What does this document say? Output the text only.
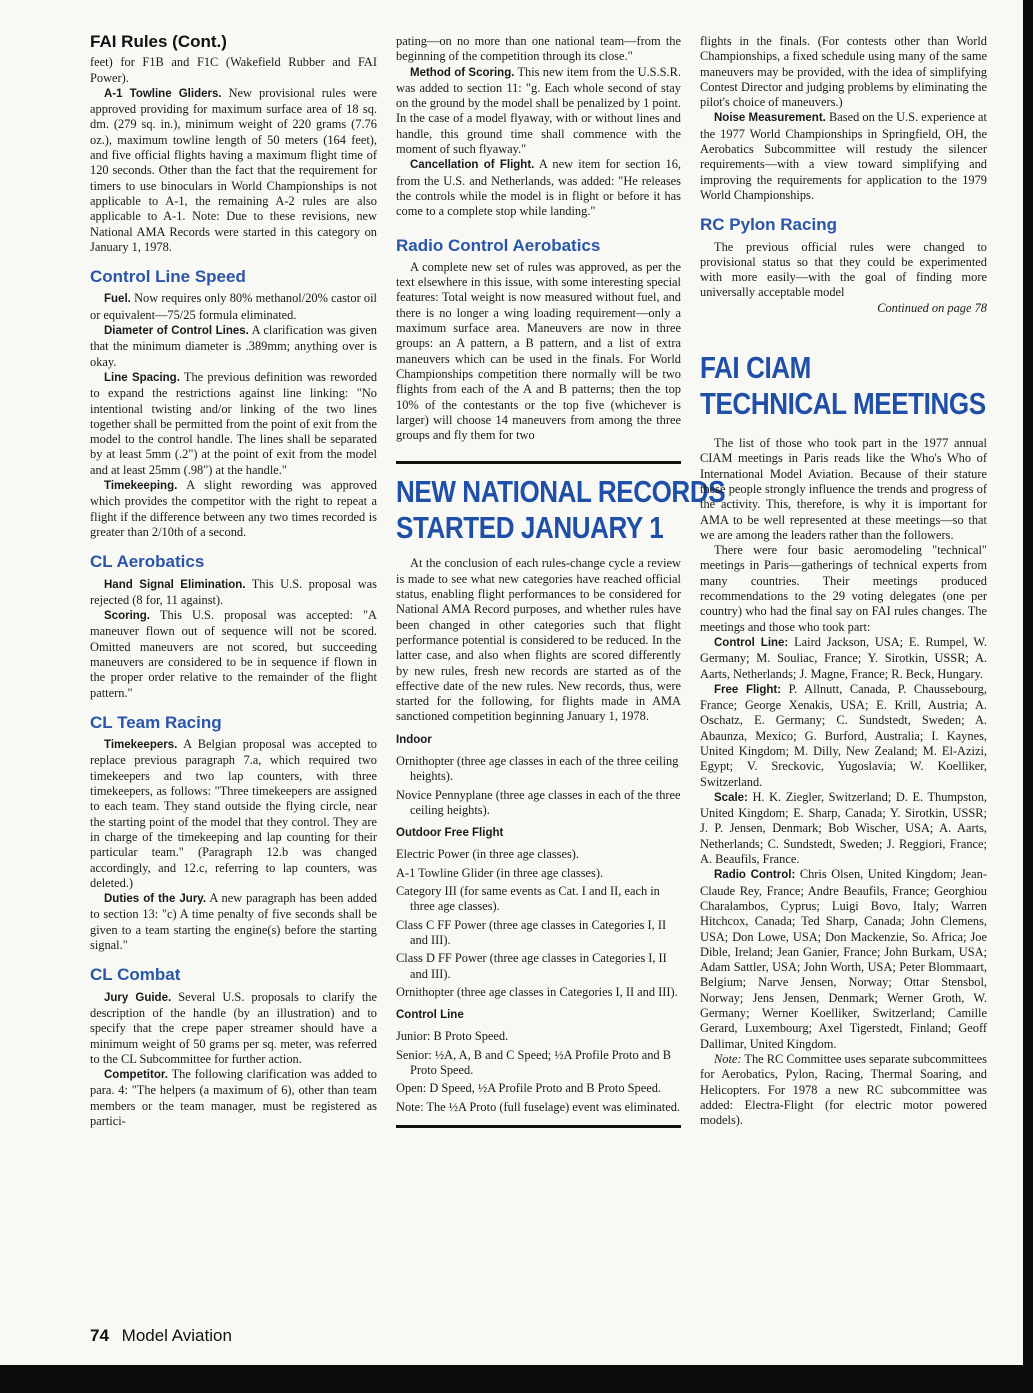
FAI Rules (Cont.)

feet) for F1B and F1C (Wakefield Rubber and FAI Power).

A-1 Towline Gliders. New provisional rules were approved providing for maximum surface area of 18 sq. dm. (279 sq. in.), minimum weight of 220 grams (7.76 oz.), maximum towline length of 50 meters (164 feet), and five official flights having a maximum flight time of 120 seconds. Other than the fact that the requirement for timers to use binoculars in World Championships is not applicable to A-1, the remaining A-2 rules are also applicable to A-1. Note: Due to these revisions, new National AMA Records were started in this category on January 1, 1978.

Control Line Speed

Fuel. Now requires only 80% methanol/20% castor oil or equivalent—75/25 formula eliminated.

Diameter of Control Lines. A clarification was given that the minimum diameter is .389mm; anything over is okay.

Line Spacing. The previous definition was reworded to expand the restrictions against line linking: "No intentional twisting and/or linking of the two lines together shall be permitted from the point of exit from the model to the control handle. The lines shall be separated by at least 5mm (.2") at the point of exit from the model and at least 25mm (.98") at the handle."

Timekeeping. A slight rewording was approved which provides the competitor with the right to repeat a flight if the difference between any two times recorded is greater than 2/10th of a second.

CL Aerobatics

Hand Signal Elimination. This U.S. proposal was rejected (8 for, 11 against).

Scoring. This U.S. proposal was accepted: "A maneuver flown out of sequence will not be scored. Omitted maneuvers are not scored, but succeeding maneuvers are considered to be in sequence if flown in the proper order relative to the remainder of the flight pattern."

CL Team Racing

Timekeepers. A Belgian proposal was accepted to replace previous paragraph 7.a, which required two timekeepers and two lap counters, with three timekeepers, as follows: "Three timekeepers are assigned to each team. They stand outside the flying circle, near the starting point of the model that they control. They are in charge of the timekeeping and lap counting for their particular team." (Paragraph 12.b was changed accordingly, and 12.c, referring to lap counters, was deleted.)

Duties of the Jury. A new paragraph has been added to section 13: "c) A time penalty of five seconds shall be given to a team starting the engine(s) before the starting signal."

CL Combat

Jury Guide. Several U.S. proposals to clarify the description of the handle (by an illustration) and to specify that the crepe paper streamer should have a minimum weight of 50 grams per sq. meter, was referred to the CL Subcommittee for further action.

Competitor. The following clarification was added to para. 4: "The helpers (a maximum of 6), other than team members or the team manager, must be registered as partici-

pating—on no more than one national team—from the beginning of the competition through its close."

Method of Scoring. This new item from the U.S.S.R. was added to section 11: "g. Each whole second of stay on the ground by the model shall be penalized by 1 point. In the case of a model flyaway, with or without lines and handle, this ground time shall commence with the moment of such flyaway."

Cancellation of Flight. A new item for section 16, from the U.S. and Netherlands, was added: "He releases the controls while the model is in flight or before it has come to a complete stop while landing."

Radio Control Aerobatics

A complete new set of rules was approved, as per the text elsewhere in this issue, with some interesting special features: Total weight is now measured without fuel, and there is no longer a wing loading requirement—only a maximum surface area. Maneuvers are now in three groups: an A pattern, a B pattern, and a list of extra maneuvers which can be used in the finals. For World Championships competition there normally will be two flights from each of the A and B patterns; then the top 10% of the contestants or the top five (whichever is larger) will choose 14 maneuvers from among the three groups and fly them for two

NEW NATIONAL RECORDS
STARTED JANUARY 1

At the conclusion of each rules-change cycle a review is made to see what new categories have reached official status, enabling flight performances to be considered for National AMA Record purposes, and whether rules have been changed in other categories such that flight performance potential is considered to be reduced. In the latter case, and also when flights are scored differently by new rules, fresh new records are started as of the effective date of the new rules. New records, thus, were started for the following, for flights made in AMA sanctioned competition beginning January 1, 1978.

Indoor

Ornithopter (three age classes in each of the three ceiling heights).

Novice Pennyplane (three age classes in each of the three ceiling heights).

Outdoor Free Flight

Electric Power (in three age classes).

A-1 Towline Glider (in three age classes).

Category III (for same events as Cat. I and II, each in three age classes).

Class C FF Power (three age classes in Categories I, II and III).

Class D FF Power (three age classes in Categories I, II and III).

Ornithopter (three age classes in Categories I, II and III).

Control Line

Junior: B Proto Speed.

Senior: ½A, A, B and C Speed; ½A Profile Proto and B Proto Speed.

Open: D Speed, ½A Profile Proto and B Proto Speed.

Note: The ½A Proto (full fuselage) event was eliminated.

flights in the finals. (For contests other than World Championships, a fixed schedule using many of the same maneuvers may be provided, with the idea of simplifying Contest Director and judging problems by eliminating the pilot's choice of maneuvers.)

Noise Measurement. Based on the U.S. experience at the 1977 World Championships in Springfield, OH, the Aerobatics Subcommittee will restudy the silencer requirements—with a view toward simplifying and improving the requirements for application to the 1979 World Championships.

RC Pylon Racing

The previous official rules were changed to provisional status so that they could be experimented with more easily—with the goal of finding more universally acceptable model

Continued on page 78
FAI CIAM
TECHNICAL MEETINGS

The list of those who took part in the 1977 annual CIAM meetings in Paris reads like the Who's Who of International Model Aviation. Because of their stature these people strongly influence the trends and progress of the activity. This, therefore, is why it is important for AMA to be well represented at these meetings—so that we are among the leaders rather than the followers.

There were four basic aeromodeling "technical" meetings in Paris—gatherings of technical experts from many countries. Their meetings produced recommendations to the 29 voting delegates (one per country) who had the final say on FAI rules changes. The meetings and those who took part:

Control Line: Laird Jackson, USA; E. Rumpel, W. Germany; M. Souliac, France; Y. Sirotkin, USSR; A. Aarts, Netherlands; J. Magne, France; R. Beck, Hungary.

Free Flight: P. Allnutt, Canada, P. Chaussebourg, France; George Xenakis, USA; E. Krill, Austria; A. Oschatz, E. Germany; C. Sundstedt, Sweden; A. Abaunza, Mexico; G. Burford, Australia; I. Kaynes, United Kingdom; M. Dilly, New Zealand; M. El-Azizi, Egypt; V. Sreckovic, Yugoslavia; W. Koelliker, Switzerland.

Scale: H. K. Ziegler, Switzerland; D. E. Thumpston, United Kingdom; E. Sharp, Canada; Y. Sirotkin, USSR; J. P. Jensen, Denmark; Bob Wischer, USA; A. Aarts, Netherlands; C. Sundstedt, Sweden; J. Reggiori, France; A. Beaufils, France.

Radio Control: Chris Olsen, United Kingdom; Jean-Claude Rey, France; Andre Beaufils, France; Georghiou Charalambos, Cyprus; Luigi Bovo, Italy; Warren Hitchcox, Canada; Ted Sharp, Canada; John Clemens, USA; Don Lowe, USA; Don Mackenzie, So. Africa; Joe Dible, Ireland; Jean Ganier, France; John Burkam, USA; Adam Sattler, USA; John Worth, USA; Peter Blommaart, Belgium; Narve Jensen, Norway; Ottar Stensbol, Norway; Jens Jensen, Denmark; Werner Groth, W. Germany; Werner Koelliker, Switzerland; Camille Gerard, Luxembourg; Axel Tigerstedt, Finland; Geoff Dallimar, United Kingdom.

Note: The RC Committee uses separate subcommittees for Aerobatics, Pylon, Racing, Thermal Soaring, and Helicopters. For 1978 a new RC subcommittee was added: Electra-Flight (for electric motor powered models).

74 Model Aviation
